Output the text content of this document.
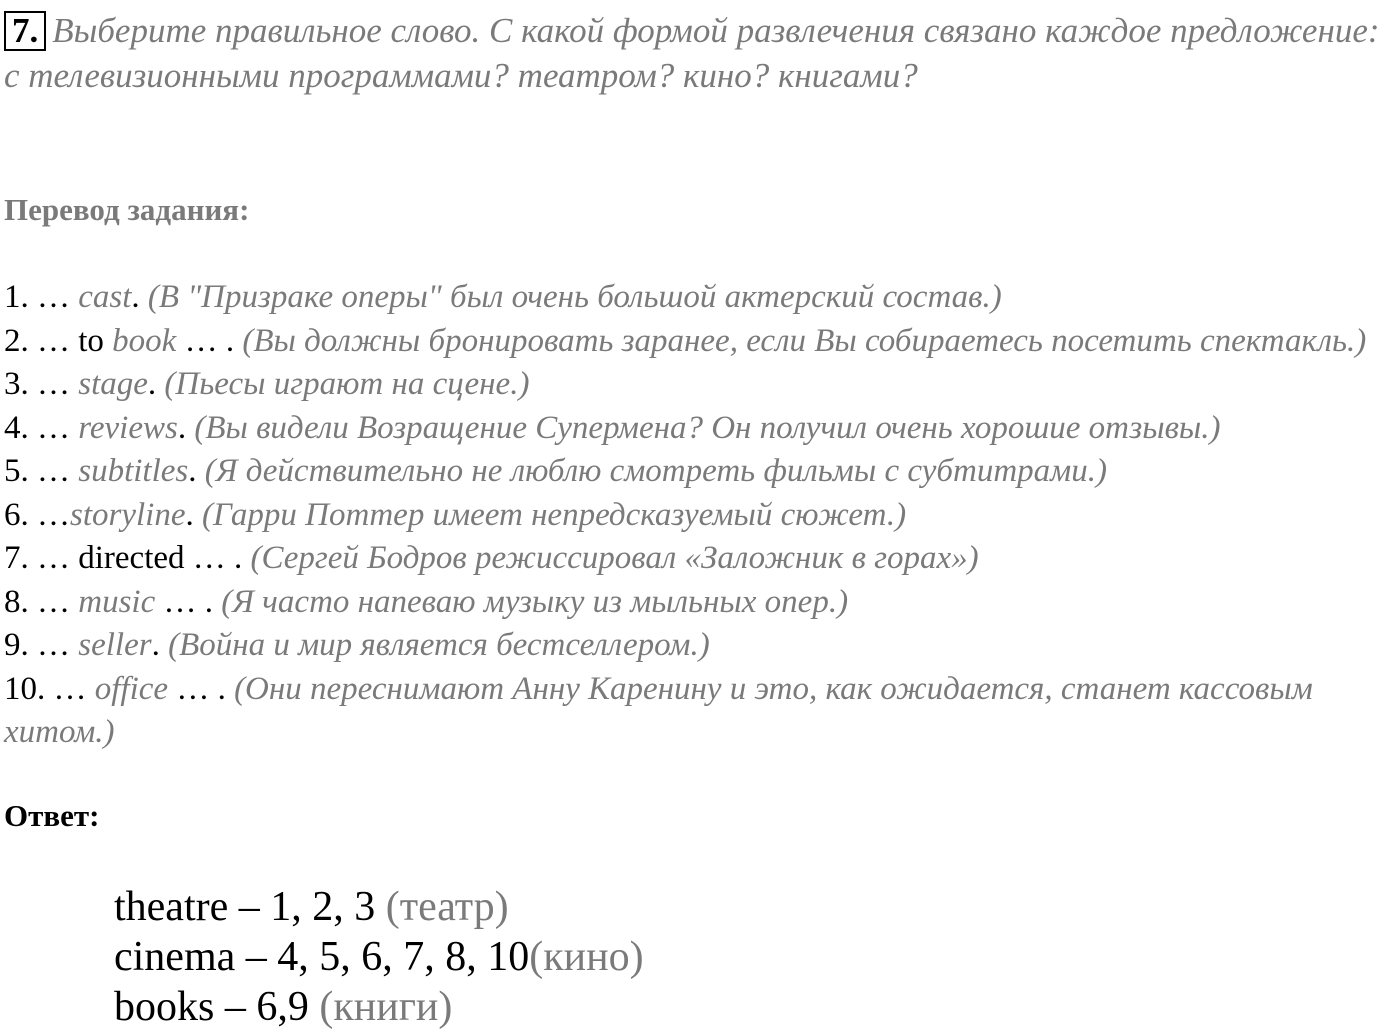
7. Выберите правильное слово. С какой формой развлечения связано каждое предложение: с телевизионными программами? театром? кино? книгами?
Перевод задания:
1. … cast. (В "Призраке оперы" был очень большой актерский состав.)
2. … to book … . (Вы должны бронировать заранее, если Вы собираетесь посетить спектакль.)
3. … stage. (Пьесы играют на сцене.)
4. … reviews. (Вы видели Возращение Супермена? Он получил очень хорошие отзывы.)
5. … subtitles. (Я действительно не люблю смотреть фильмы с субтитрами.)
6. …storyline. (Гарри Поттер имеет непредсказуемый сюжет.)
7. … directed … . (Сергей Бодров режиссировал «Заложник в горах»)
8. … music … . (Я часто напеваю музыку из мыльных опер.)
9. … seller. (Война и мир является бестселлером.)
10. … office … . (Они переснимают Анну Каренину и это, как ожидается, станет кассовым хитом.)
Ответ:
theatre – 1, 2, 3 (театр)
cinema – 4, 5, 6, 7, 8, 10(кино)
books – 6,9 (книги)
